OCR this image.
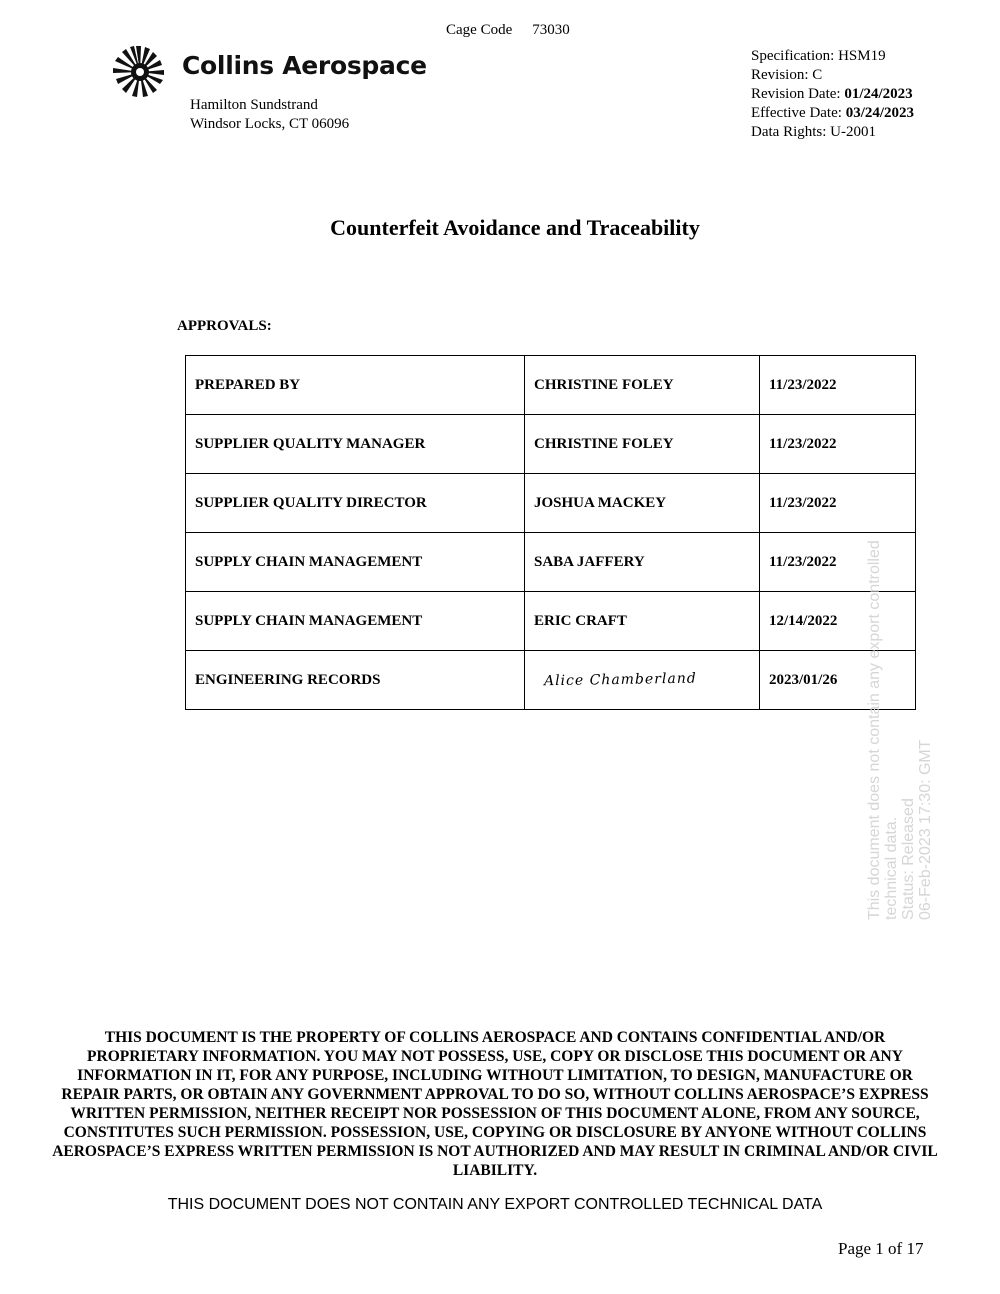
Cage Code 73030
Collins Aerospace
Hamilton Sundstrand
Windsor Locks, CT 06096
Specification: HSM19
Revision: C
Revision Date: 01/24/2023
Effective Date: 03/24/2023
Data Rights: U-2001
Counterfeit Avoidance and Traceability
APPROVALS:
PREPARED BY	CHRISTINE FOLEY	11/23/2022
SUPPLIER QUALITY MANAGER	CHRISTINE FOLEY	11/23/2022
SUPPLIER QUALITY DIRECTOR	JOSHUA MACKEY	11/23/2022
SUPPLY CHAIN MANAGEMENT	SABA JAFFERY	11/23/2022
SUPPLY CHAIN MANAGEMENT	ERIC CRAFT	12/14/2022
ENGINEERING RECORDS	Alice Chamberland	2023/01/26 This document does not contain any export controlled technical data. Status: Released 06-Feb-2023 17:30: GMT
THIS DOCUMENT IS THE PROPERTY OF COLLINS AEROSPACE AND CONTAINS CONFIDENTIAL AND/OR PROPRIETARY INFORMATION. YOU MAY NOT POSSESS, USE, COPY OR DISCLOSE THIS DOCUMENT OR ANY INFORMATION IN IT, FOR ANY PURPOSE, INCLUDING WITHOUT LIMITATION, TO DESIGN, MANUFACTURE OR REPAIR PARTS, OR OBTAIN ANY GOVERNMENT APPROVAL TO DO SO, WITHOUT COLLINS AEROSPACE’S EXPRESS WRITTEN PERMISSION, NEITHER RECEIPT NOR POSSESSION OF THIS DOCUMENT ALONE, FROM ANY SOURCE, CONSTITUTES SUCH PERMISSION. POSSESSION, USE, COPYING OR DISCLOSURE BY ANYONE WITHOUT COLLINS AEROSPACE’S EXPRESS WRITTEN PERMISSION IS NOT AUTHORIZED AND MAY RESULT IN CRIMINAL AND/OR CIVIL LIABILITY.
THIS DOCUMENT DOES NOT CONTAIN ANY EXPORT CONTROLLED TECHNICAL DATA
Page 1 of 17
